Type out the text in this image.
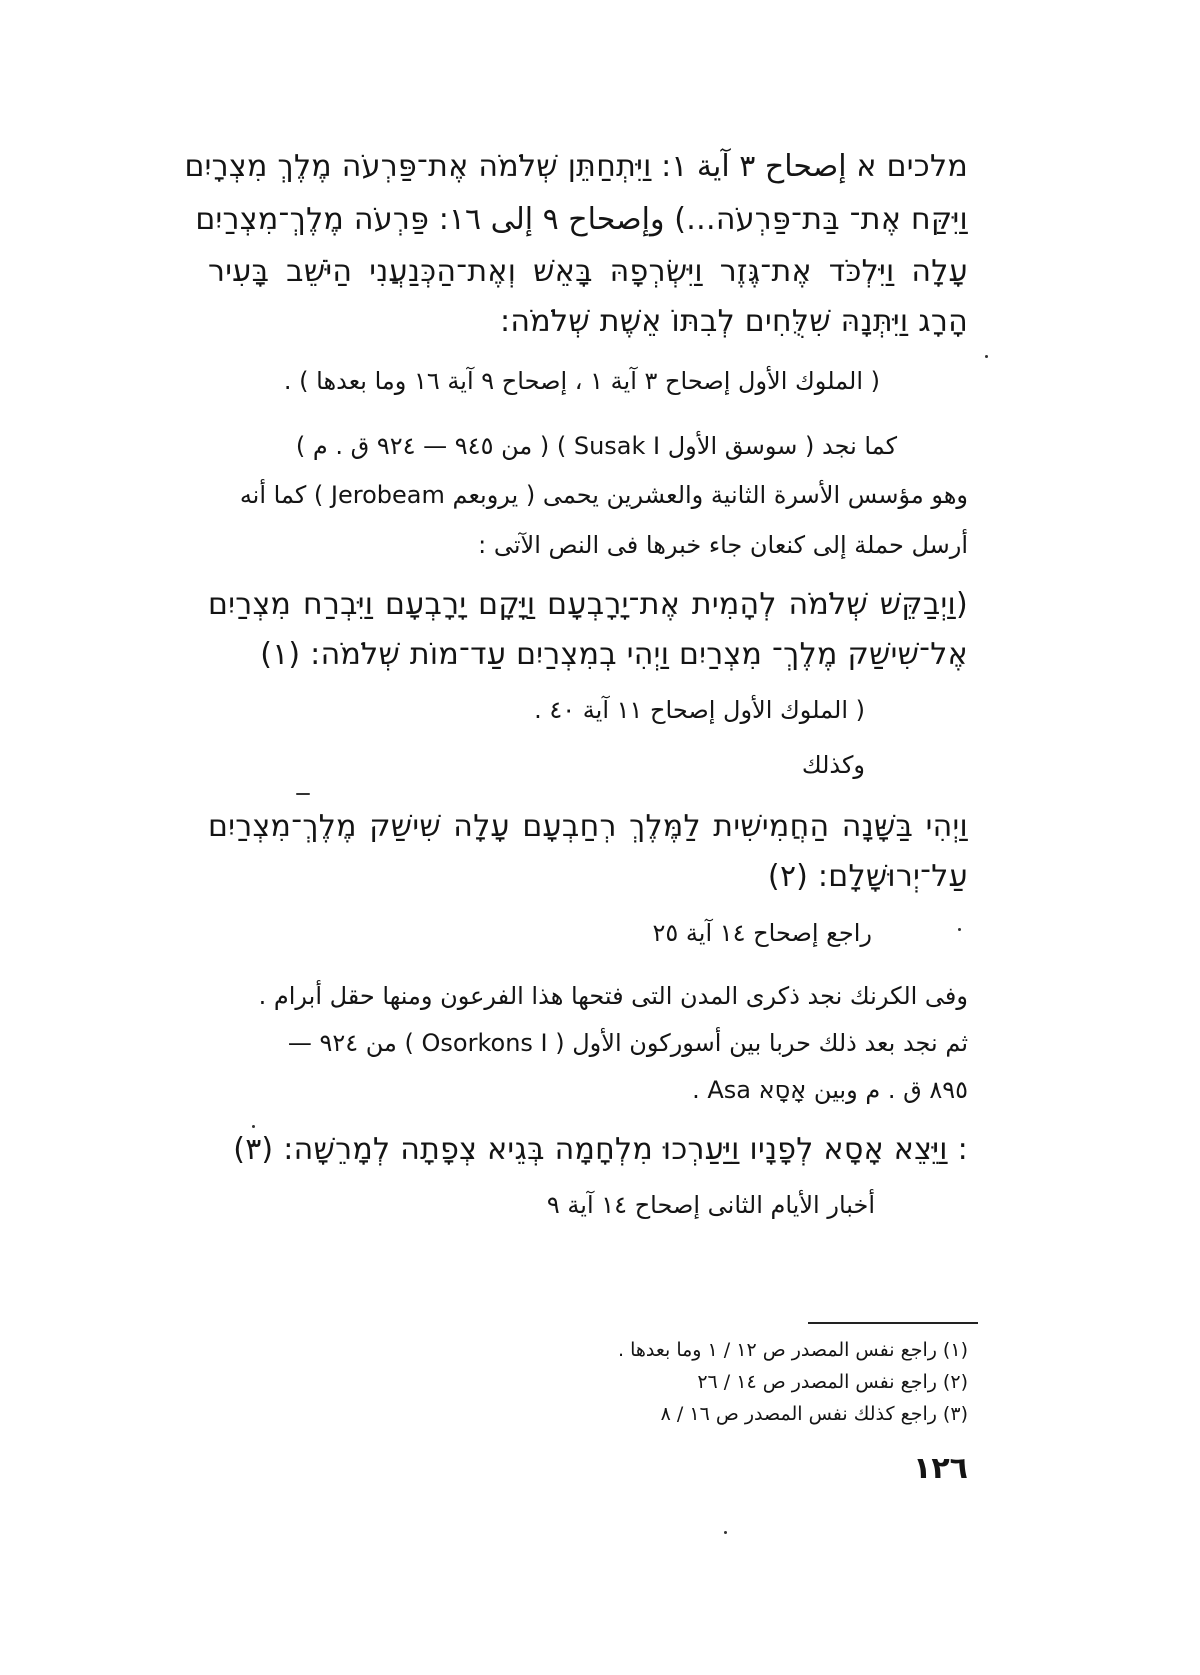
מלכים א إصحاح ٣ آية ١: וַיִּתְחַתֵּן שְׁלֹמֹה אֶת־פַּרְעֹה מֶלֶךְ מִצְרָיִם
וַיִּקַּח אֶת־ בַּת־פַּרְעֹה...) وإصحاح ٩ إلى ١٦: פַּרְעֹה מֶלֶךְ־מִצְרַיִם
עָלָה וַיִּלְכֹּד אֶת־גֶּזֶר וַיִּשְׂרְפָהּ בָּאֵשׁ וְאֶת־הַכְּנַעֲנִי הַיֹּשֵׁב בָּעִיר
הָרָג וַיִּתְּנָהּ שִׁלֻּחִים לְבִתּוֹ אֵשֶׁת שְׁלֹמֹה:
( الملوك الأول إصحاح ٣ آية ١ ، إصحاح ٩ آية ١٦ وما بعدها ) .
كما نجد ( سوسق الأول Susak I ) ( من ٩٤٥ — ٩٢٤ ق . م )
وهو مؤسس الأسرة الثانية والعشرين يحمى ( يروبعم Jerobeam ) كما أنه
أرسل حملة إلى كنعان جاء خبرها فى النص الآتى :
(וַיְבַקֵּשׁ שְׁלֹמֹה לְהָמִית אֶת־יָרָבְעָם וַיָּקָם יָרָבְעָם וַיִּבְרַח מִצְרַיִם
אֶל־שִׁישַׁק מֶלֶךְ־ מִצְרַיִם וַיְהִי בְמִצְרַיִם עַד־מוֹת שְׁלֹמֹה: (١)
( الملوك الأول إصحاح ١١ آية ٤٠ .
وكذلك
וַיְהִי בַּשָּׁנָה הַחֲמִישִׁית לַמֶּלֶךְ רְחַבְעָם עָלָה שִׁישַׁק מֶלֶךְ־מִצְרַיִם
עַל־יְרוּשָׁלָם: (٢)
راجع إصحاح ١٤ آية ٢٥
وفى الكرنك نجد ذكرى المدن التى فتحها هذا الفرعون ومنها حقل أبرام .
ثم نجد بعد ذلك حربا بين أسوركون الأول ( Osorkons I ) من ٩٢٤ —
٨٩٥ ق . م وبين אָסָא Asa .
: וַיֵּצֵא אָסָא לְפָנָיו וַיַּעַרְכוּ מִלְחָמָה בְּגֵיא צְפָתָה לְמָרֵשָׁה: (٣)
أخبار الأيام الثانى إصحاح ١٤ آية ٩
(١) راجع نفس المصدر ص ١٢ / ١ وما بعدها .
(٢) راجع نفس المصدر ص ١٤ / ٢٦
(٣) راجع كذلك نفس المصدر ص ١٦ / ٨
١٢٦
